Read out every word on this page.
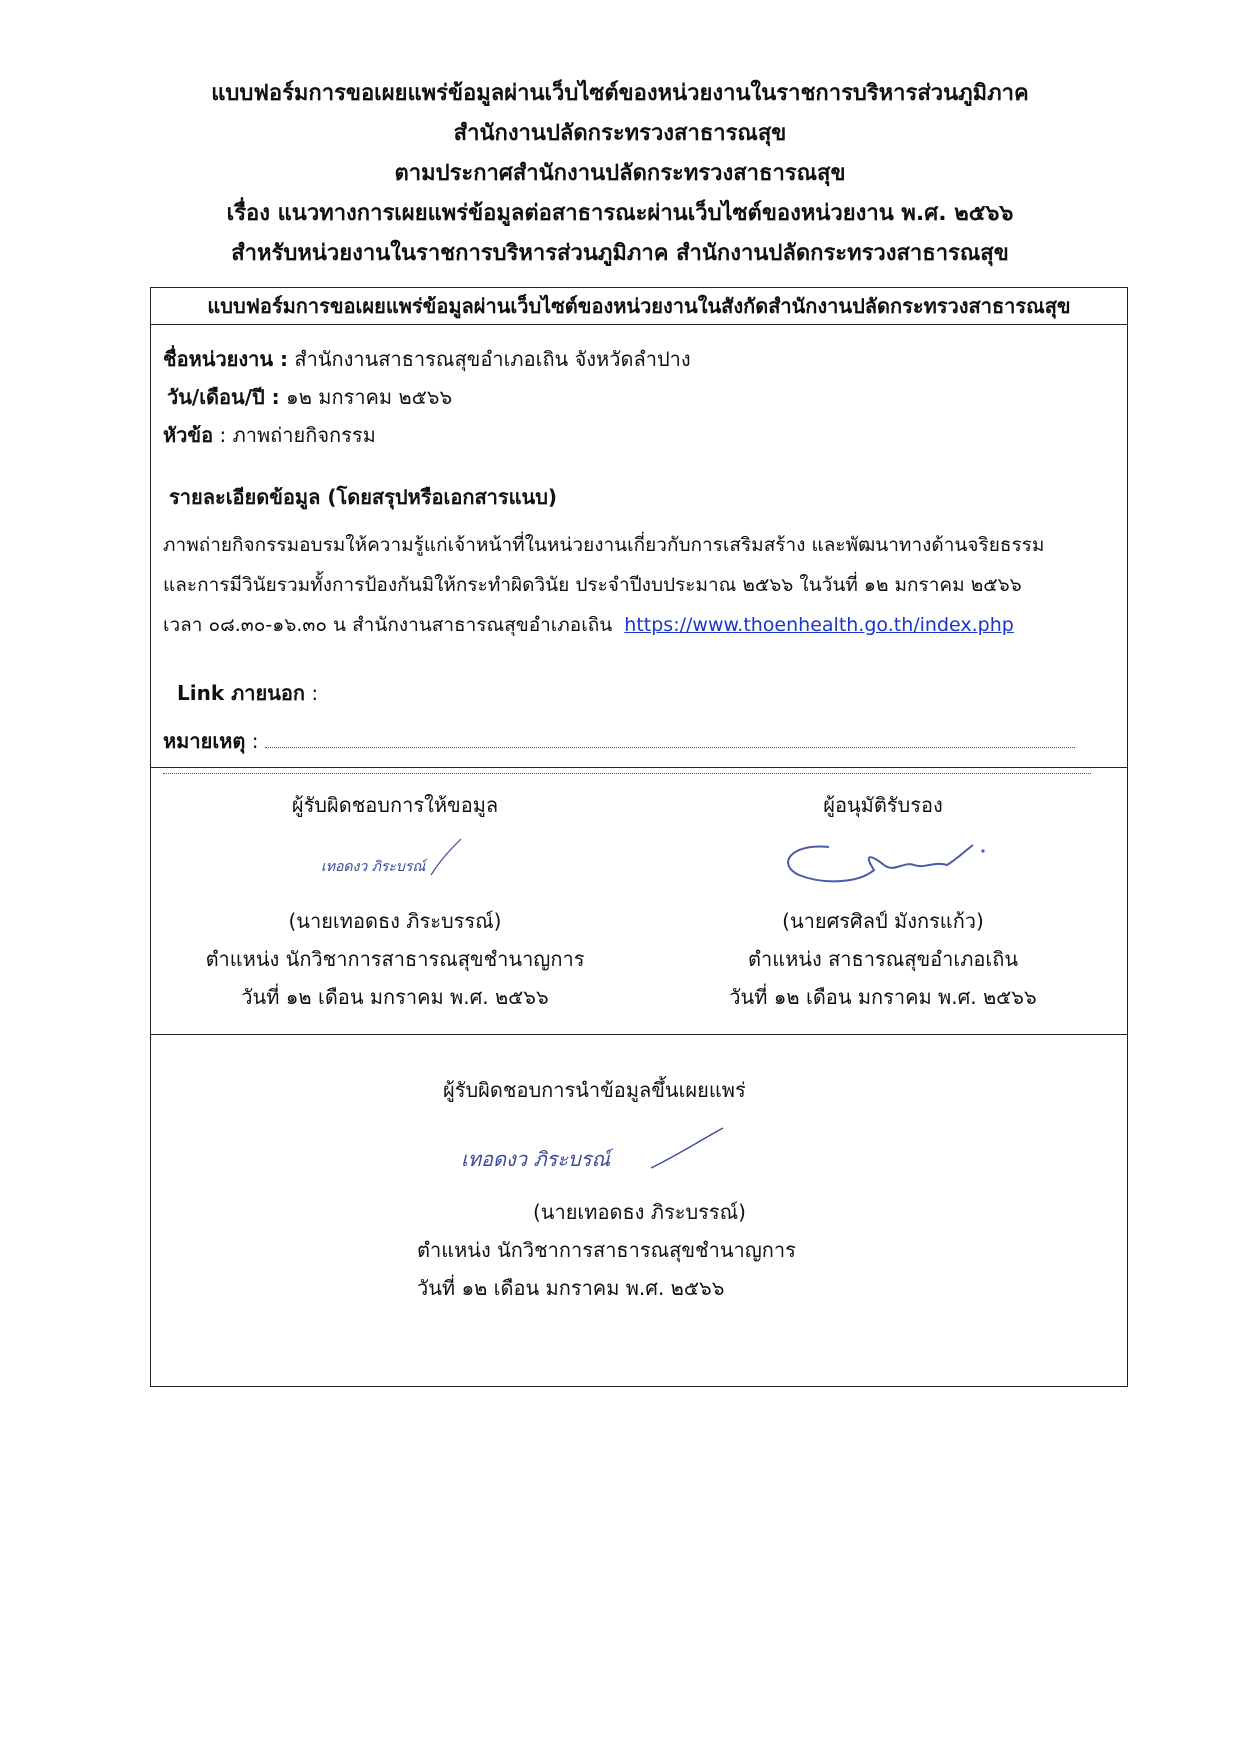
แบบฟอร์มการขอเผยแพร่ข้อมูลผ่านเว็บไซต์ของหน่วยงานในราชการบริหารส่วนภูมิภาค
สำนักงานปลัดกระทรวงสาธารณสุข
ตามประกาศสำนักงานปลัดกระทรวงสาธารณสุข
เรื่อง แนวทางการเผยแพร่ข้อมูลต่อสาธารณะผ่านเว็บไซต์ของหน่วยงาน พ.ศ. ๒๕๖๖
สำหรับหน่วยงานในราชการบริหารส่วนภูมิภาค สำนักงานปลัดกระทรวงสาธารณสุข
แบบฟอร์มการขอเผยแพร่ข้อมูลผ่านเว็บไซต์ของหน่วยงานในสังกัดสำนักงานปลัดกระทรวงสาธารณสุข
ชื่อหน่วยงาน : สำนักงานสาธารณสุขอำเภอเถิน จังหวัดลำปาง
วัน/เดือน/ปี : ๑๒ มกราคม ๒๕๖๖
หัวข้อ : ภาพถ่ายกิจกรรม
รายละเอียดข้อมูล (โดยสรุปหรือเอกสารแนบ)
ภาพถ่ายกิจกรรมอบรมให้ความรู้แก่เจ้าหน้าที่ในหน่วยงานเกี่ยวกับการเสริมสร้าง และพัฒนาทางด้านจริยธรรม
และการมีวินัยรวมทั้งการป้องกันมิให้กระทำผิดวินัย ประจำปีงบประมาณ ๒๕๖๖ ในวันที่ ๑๒ มกราคม ๒๕๖๖
เวลา ๐๘.๓๐-๑๖.๓๐ น สำนักงานสาธารณสุขอำเภอเถิน https://www.thoenhealth.go.th/index.php
Link ภายนอก :
หมายเหตุ :
ผู้รับผิดชอบการให้ขอมูล
เทอดงว ภิระบรณ์
(นายเทอดธง ภิระบรรณ์)
ตำแหน่ง นักวิชาการสาธารณสุขชำนาญการ
วันที่ ๑๒ เดือน มกราคม พ.ศ. ๒๕๖๖
ผู้อนุมัติรับรอง
(นายศรศิลป์ มังกรแก้ว)
ตำแหน่ง สาธารณสุขอำเภอเถิน
วันที่ ๑๒ เดือน มกราคม พ.ศ. ๒๕๖๖
ผู้รับผิดชอบการนำข้อมูลขึ้นเผยแพร่
เทอดงว ภิระบรณ์
(นายเทอดธง ภิระบรรณ์)
ตำแหน่ง นักวิชาการสาธารณสุขชำนาญการ
วันที่ ๑๒ เดือน มกราคม พ.ศ. ๒๕๖๖
